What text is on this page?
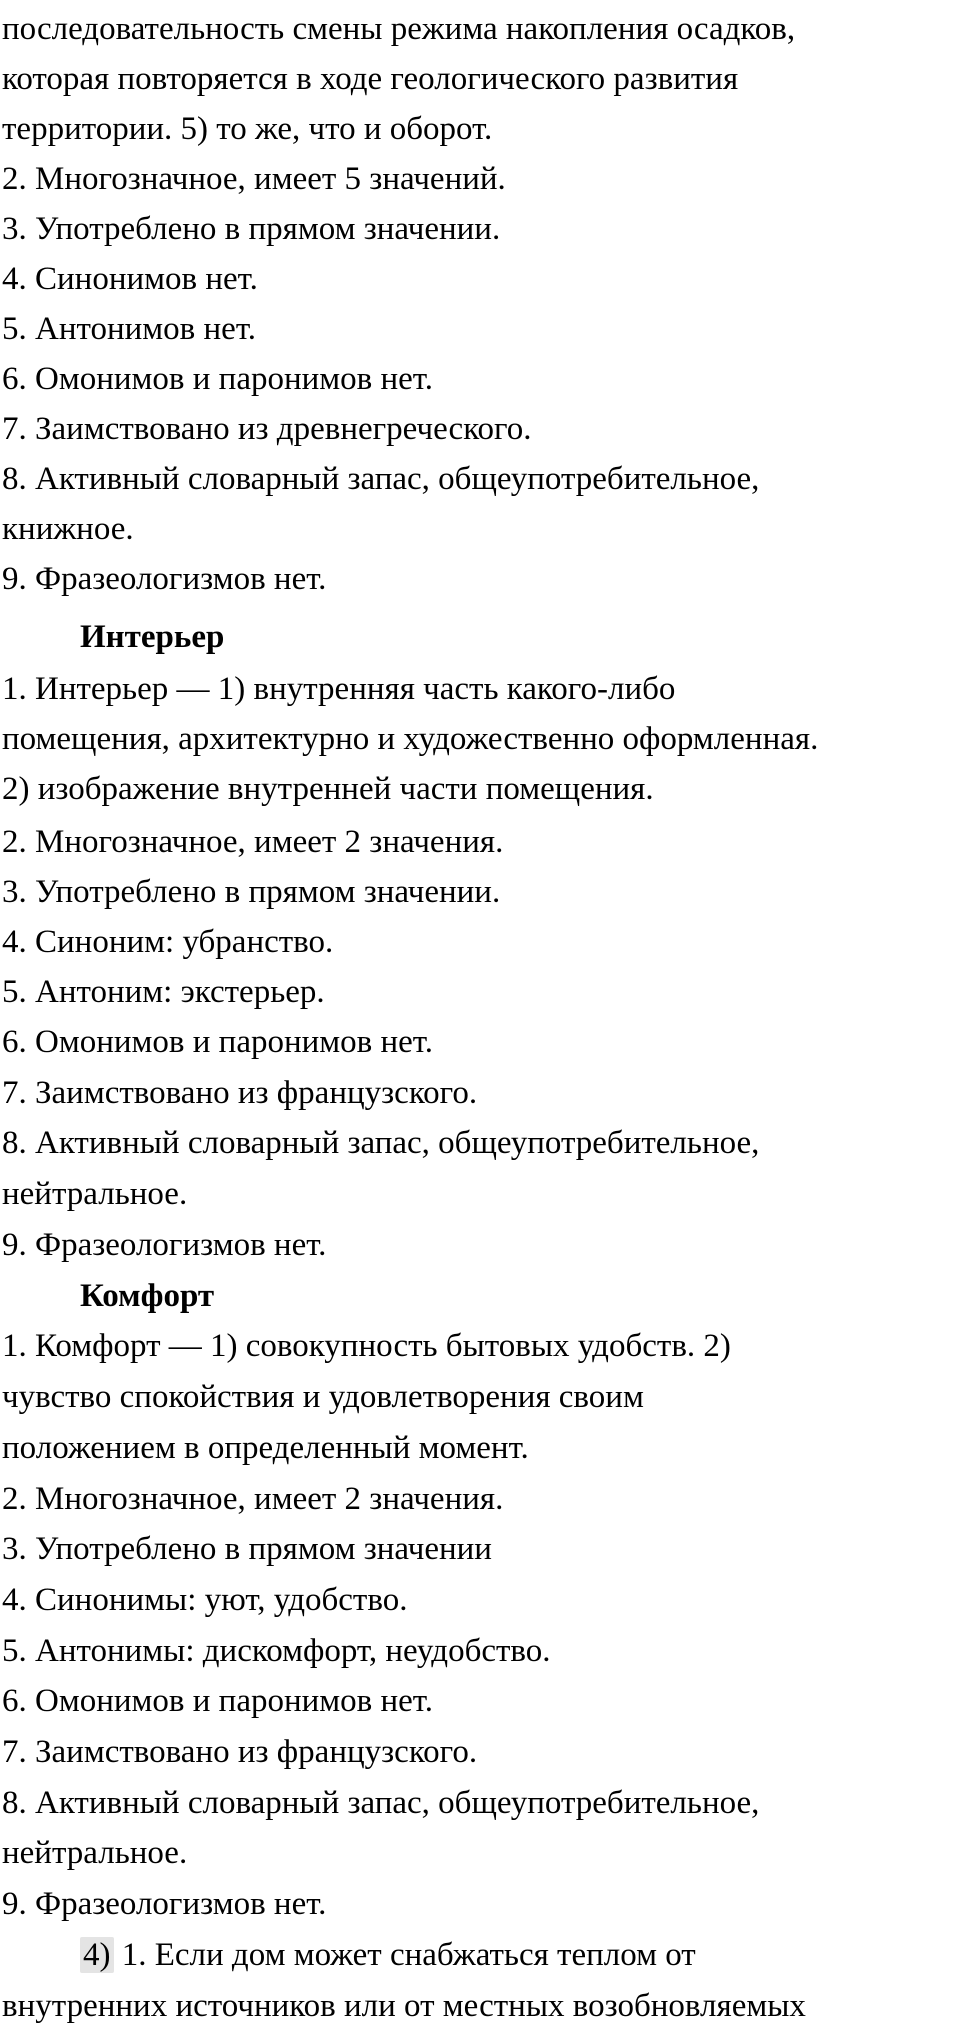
последовательность смены режима накопления осадков,
которая повторяется в ходе геологического развития
территории. 5) то же, что и оборот.
2. Многозначное, имеет 5 значений.
3. Употреблено в прямом значении.
4. Синонимов нет.
5. Антонимов нет.
6. Омонимов и паронимов нет.
7. Заимствовано из древнегреческого.
8. Активный словарный запас, общеупотребительное,
книжное.
9. Фразеологизмов нет.
Интерьер
1. Интерьер — 1) внутренняя часть какого-либо
помещения, архитектурно и художественно оформленная.
2) изображение внутренней части помещения.
2. Многозначное, имеет 2 значения.
3. Употреблено в прямом значении.
4. Синоним: убранство.
5. Антоним: экстерьер.
6. Омонимов и паронимов нет.
7. Заимствовано из французского.
8. Активный словарный запас, общеупотребительное,
нейтральное.
9. Фразеологизмов нет.
Комфорт
1. Комфорт — 1) совокупность бытовых удобств. 2)
чувство спокойствия и удовлетворения своим
положением в определенный момент.
2. Многозначное, имеет 2 значения.
3. Употреблено в прямом значении
4. Синонимы: уют, удобство.
5. Антонимы: дискомфорт, неудобство.
6. Омонимов и паронимов нет.
7. Заимствовано из французского.
8. Активный словарный запас, общеупотребительное,
нейтральное.
9. Фразеологизмов нет.
4) 1. Если дом может снабжаться теплом от
внутренних источников или от местных возобновляемых
